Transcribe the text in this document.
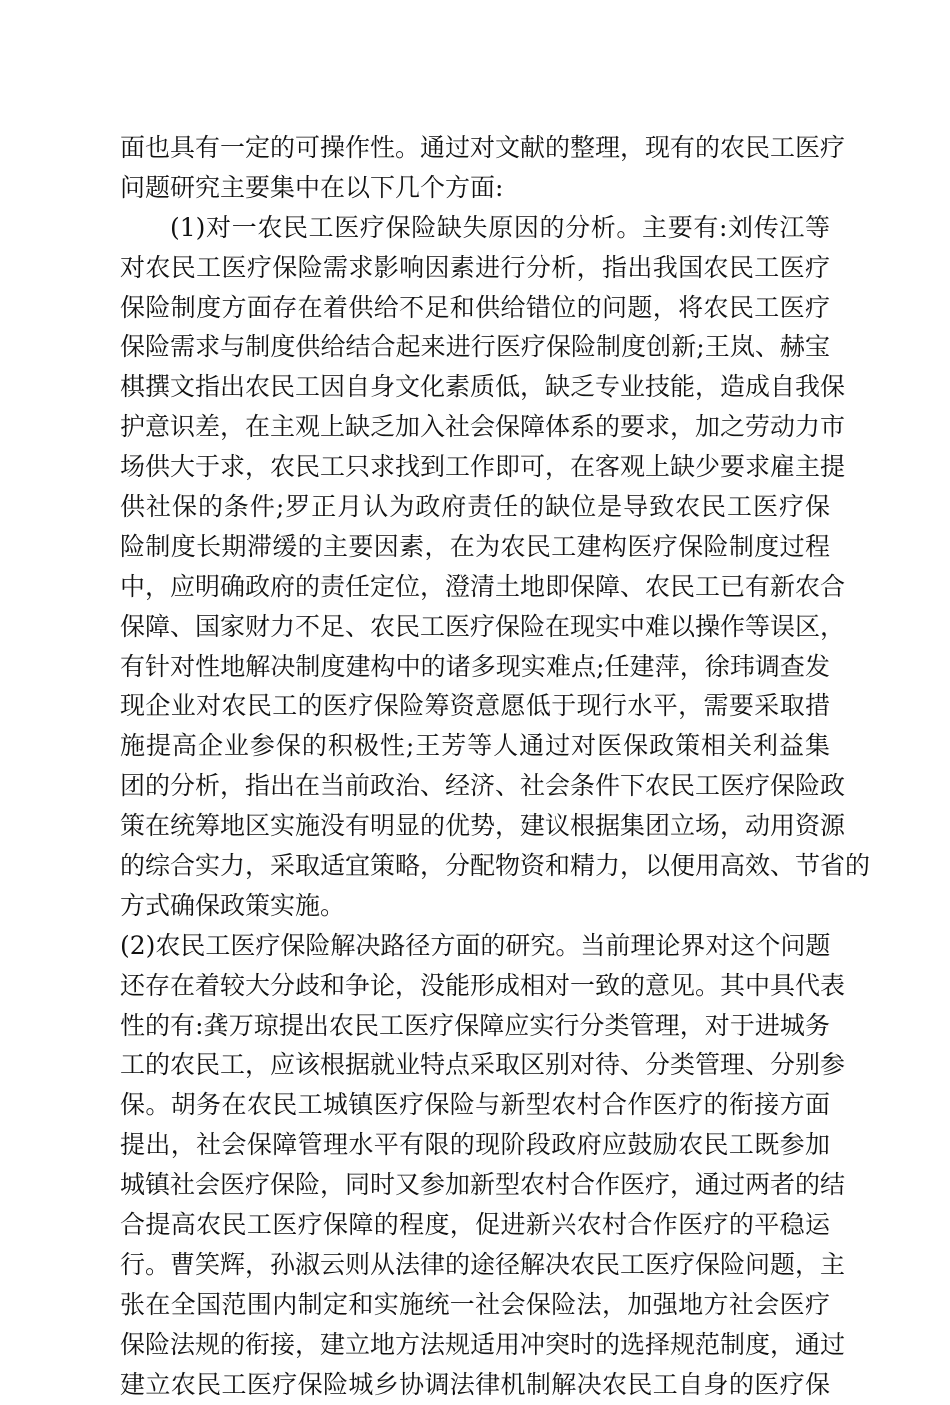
面也具有一定的可操作性。通过对文献的整理，现有的农民工医疗
问题研究主要集中在以下几个方面:
(1)对一农民工医疗保险缺失原因的分析。主要有:刘传江等
对农民工医疗保险需求影响因素进行分析，指出我国农民工医疗
保险制度方面存在着供给不足和供给错位的问题，将农民工医疗
保险需求与制度供给结合起来进行医疗保险制度创新;王岚、赫宝
棋撰文指出农民工因自身文化素质低，缺乏专业技能，造成自我保
护意识差，在主观上缺乏加入社会保障体系的要求，加之劳动力市
场供大于求，农民工只求找到工作即可，在客观上缺少要求雇主提
供社保的条件;罗正月认为政府责任的缺位是导致农民工医疗保
险制度长期滞缓的主要因素，在为农民工建构医疗保险制度过程
中，应明确政府的责任定位，澄清土地即保障、农民工已有新农合
保障、国家财力不足、农民工医疗保险在现实中难以操作等误区，
有针对性地解决制度建构中的诸多现实难点;任建萍，徐玮调查发
现企业对农民工的医疗保险筹资意愿低于现行水平，需要采取措
施提高企业参保的积极性;王芳等人通过对医保政策相关利益集
团的分析，指出在当前政治、经济、社会条件下农民工医疗保险政
策在统筹地区实施没有明显的优势，建议根据集团立场，动用资源
的综合实力，采取适宜策略，分配物资和精力，以便用高效、节省的
方式确保政策实施。
(2)农民工医疗保险解决路径方面的研究。当前理论界对这个问题
还存在着较大分歧和争论，没能形成相对一致的意见。其中具代表
性的有:龚万琼提出农民工医疗保障应实行分类管理，对于进城务
工的农民工，应该根据就业特点采取区别对待、分类管理、分别参
保。胡务在农民工城镇医疗保险与新型农村合作医疗的衔接方面
提出，社会保障管理水平有限的现阶段政府应鼓励农民工既参加
城镇社会医疗保险，同时又参加新型农村合作医疗，通过两者的结
合提高农民工医疗保障的程度，促进新兴农村合作医疗的平稳运
行。曹笑辉，孙淑云则从法律的途径解决农民工医疗保险问题，主
张在全国范围内制定和实施统一社会保险法，加强地方社会医疗
保险法规的衔接，建立地方法规适用冲突时的选择规范制度，通过
建立农民工医疗保险城乡协调法律机制解决农民工自身的医疗保
